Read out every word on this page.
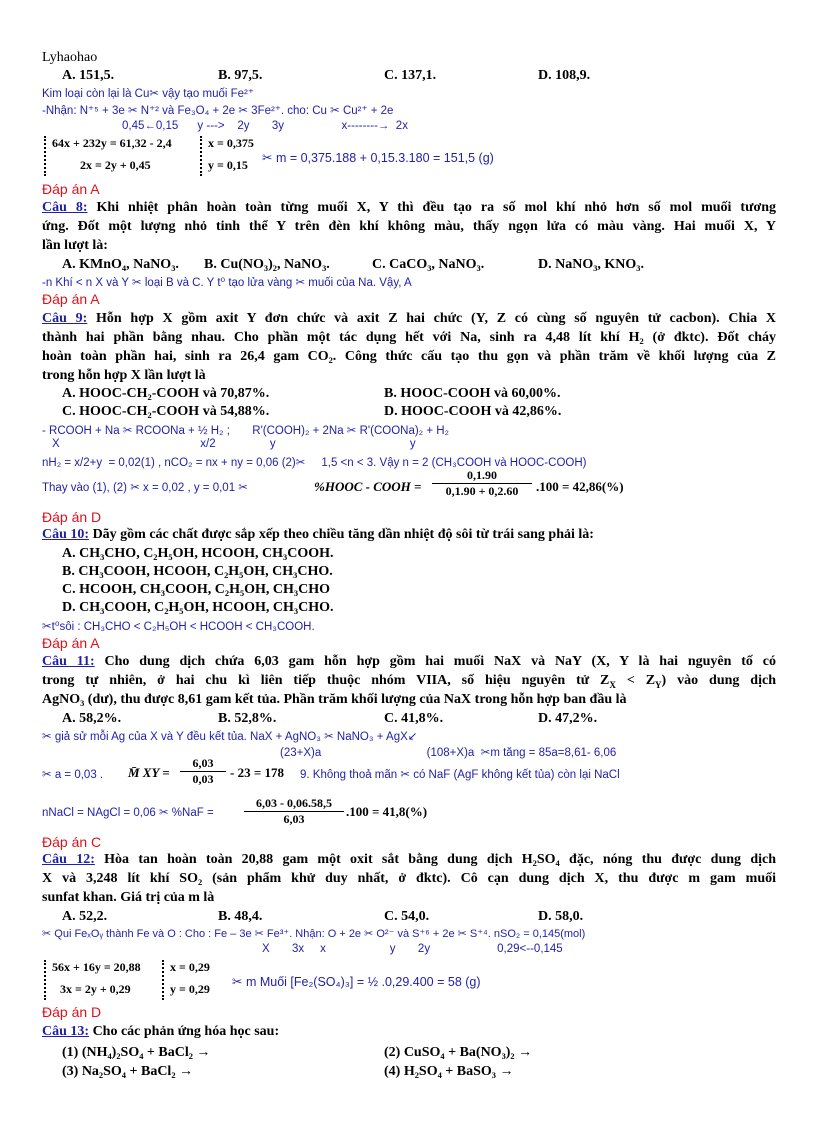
Lyhaohao
A. 151,5.	B. 97,5.	C. 137,1.	D. 108,9.
Kim loại còn lại là Cu✂ vậy tạo muối Fe²⁺
-Nhận: N⁺⁵ + 3e ✂ N⁺² và Fe₃O₄ + 2e ✂ 3Fe²⁺. cho: Cu ✂ Cu²⁺ + 2e
0,45←0,15      y --->    2y       3y                  x--------→  2x
64x + 232y = 61,32 - 2,4
2x = 2y + 0,45
x = 0,375
y = 0,15 ✂ m = 0,375.188 + 0,15.3.180 = 151,5 (g)
Đáp án A
Câu 8: Khi nhiệt phân hoàn toàn từng muối X, Y thì đều tạo ra số mol khí nhỏ hơn số mol muối tương
ứng. Đốt một lượng nhỏ tinh thể Y trên đèn khí không màu, thấy ngọn lửa có màu vàng. Hai muối X, Y
lần lượt là:
A. KMnO₄, NaNO₃. B. Cu(NO₃)₂, NaNO₃.	C. CaCO₃, NaNO₃.	D. NaNO₃, KNO₃.
-n Khí < n X và Y ✂ loại B và C. Y t⁰ tạo lửa vàng ✂ muối của Na. Vậy, A
Đáp án A
Câu 9: Hỗn hợp X gồm axit Y đơn chức và axit Z hai chức (Y, Z có cùng số nguyên tử cacbon). Chia X
thành hai phần bằng nhau. Cho phần một tác dụng hết với Na, sinh ra 4,48 lít khí H₂ (ở đktc). Đốt cháy
hoàn toàn phần hai, sinh ra 26,4 gam CO₂. Công thức cấu tạo thu gọn và phần trăm về khối lượng của Z
trong hỗn hợp X lần lượt là
A. HOOC-CH₂-COOH và 70,87%.	B. HOOC-COOH và 60,00%.
C. HOOC-CH₂-COOH và 54,88%.	D. HOOC-COOH và 42,86%.
- RCOOH + Na ✂ RCOONa + ½ H₂ ;       R'(COOH)₂ + 2Na ✂ R'(COONa)₂ + H₂
X                                            x/2                 y                                          y
nH₂ = x/2+y  = 0,02(1) , nCO₂ = nx + ny = 0,06 (2)✂     1,5 <n < 3. Vậy n = 2 (CH₃COOH và HOOC-COOH)
Thay vào (1), (2) ✂ x = 0,02 , y = 0,01 ✂	%HOOC - COOH = $\frac{0,1.90}{0,1.90 + 0,2.60} .100 = 42,86(\%)$
Đáp án D
Câu 10: Dãy gồm các chất được sắp xếp theo chiều tăng dần nhiệt độ sôi từ trái sang phải là:
A. CH₃CHO, C₂H₅OH, HCOOH, CH₃COOH.
B. CH₃COOH, HCOOH, C₂H₅OH, CH₃CHO.
C. HCOOH, CH₃COOH, C₂H₅OH, CH₃CHO
D. CH₃COOH, C₂H₅OH, HCOOH, CH₃CHO.
✂t⁰sôi : CH₃CHO < C₂H₅OH < HCOOH < CH₃COOH.
Đáp án A
Câu 11: Cho dung dịch chứa 6,03 gam hỗn hợp gồm hai muối NaX và NaY (X, Y là hai nguyên tố có
trong tự nhiên, ở hai chu kì liên tiếp thuộc nhóm VIIA, số hiệu nguyên tử $Z_X < Z_Y$) vào dung dịch
AgNO₃ (dư), thu được 8,61 gam kết tủa. Phần trăm khối lượng của NaX trong hỗn hợp ban đầu là
A. 58,2%.	B. 52,8%.	C. 41,8%.	D. 47,2%.
✂ giả sử mỗi Ag của X và Y đều kết tủa. NaX + AgNO₃ ✂ NaNO₃ + AgX↙
(23+X)a                                 (108+X)a  ✂m tăng = 85a=8,61- 6,06
✂ a = 0,03 . M̄ XY = $\frac{6,03}{0,03} - 23 = 178$ 9. Không thoả mãn ✂ có NaF (AgF không kết tủa) còn lại NaCl
nNaCl = NAgCl = 0,06 ✂ %NaF =	$\frac{6,03 - 0,06.58,5}{6,03} .100 = 41,8(\%)$
Đáp án C
Câu 12: Hòa tan hoàn toàn 20,88 gam một oxit sắt bằng dung dịch H₂SO₄ đặc, nóng thu được dung dịch
X và 3,248 lít khí SO₂ (sản phẩm khử duy nhất, ở đktc). Cô cạn dung dịch X, thu được m gam muối
sunfat khan. Giá trị của m là
A. 52,2.	B. 48,4.	C. 54,0.	D. 58,0.
✂ Qui FeₓOᵧ thành Fe và O : Cho : Fe – 3e ✂ Fe³⁺. Nhận: O + 2e ✂ O²⁻ và S⁺⁶ + 2e ✂ S⁺⁴. nSO₂ = 0,145(mol)
X       3x     x                    y       2y                     0,29<--0,145
56x + 16y = 20,88
3x = 2y + 0,29
x = 0,29
y = 0,29 ✂ m Muối [Fe₂(SO₄)₃] = ½ .0,29.400 = 58 (g)
Đáp án D
Câu 13: Cho các phản ứng hóa học sau:
(1) (NH₄)₂SO₄ + BaCl₂ →	(2) CuSO₄ + Ba(NO₃)₂ →
(3) Na₂SO₄ + BaCl₂ →	(4) H₂SO₄ + BaSO₃ →
